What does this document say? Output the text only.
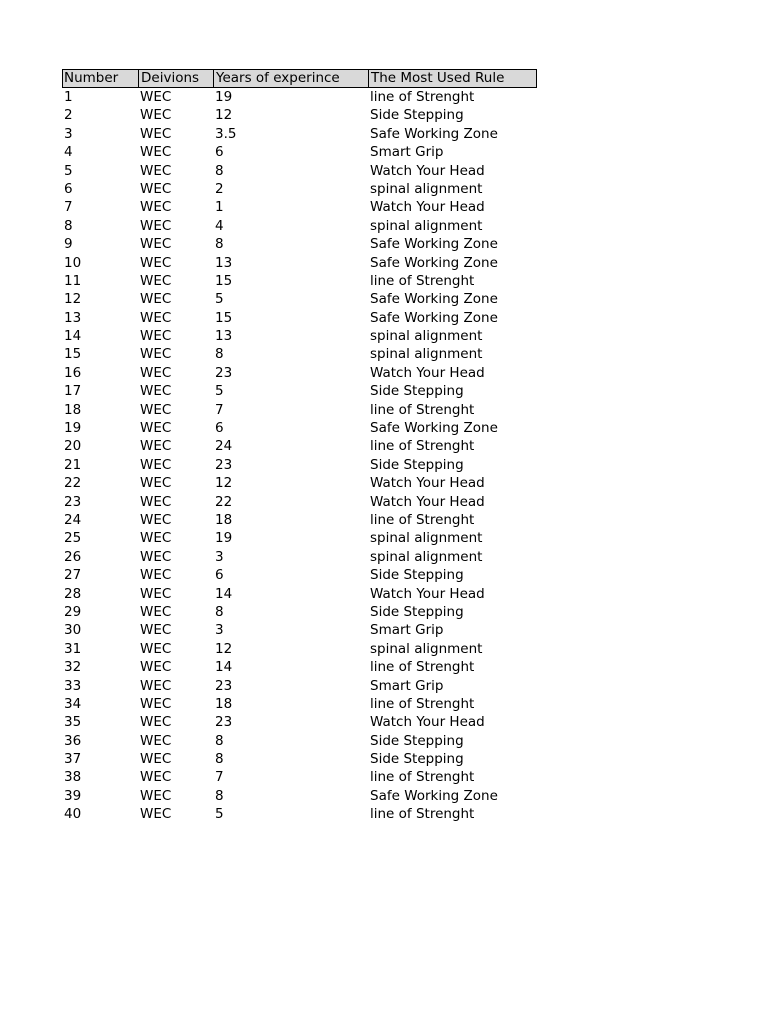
Number	Deivions	Years of experince	The Most Used Rule
1	WEC	19	line of Strenght
2	WEC	12	Side Stepping
3	WEC	3.5	Safe Working Zone
4	WEC	6	Smart Grip
5	WEC	8	Watch Your Head
6	WEC	2	spinal alignment
7	WEC	1	Watch Your Head
8	WEC	4	spinal alignment
9	WEC	8	Safe Working Zone
10	WEC	13	Safe Working Zone
11	WEC	15	line of Strenght
12	WEC	5	Safe Working Zone
13	WEC	15	Safe Working Zone
14	WEC	13	spinal alignment
15	WEC	8	spinal alignment
16	WEC	23	Watch Your Head
17	WEC	5	Side Stepping
18	WEC	7	line of Strenght
19	WEC	6	Safe Working Zone
20	WEC	24	line of Strenght
21	WEC	23	Side Stepping
22	WEC	12	Watch Your Head
23	WEC	22	Watch Your Head
24	WEC	18	line of Strenght
25	WEC	19	spinal alignment
26	WEC	3	spinal alignment
27	WEC	6	Side Stepping
28	WEC	14	Watch Your Head
29	WEC	8	Side Stepping
30	WEC	3	Smart Grip
31	WEC	12	spinal alignment
32	WEC	14	line of Strenght
33	WEC	23	Smart Grip
34	WEC	18	line of Strenght
35	WEC	23	Watch Your Head
36	WEC	8	Side Stepping
37	WEC	8	Side Stepping
38	WEC	7	line of Strenght
39	WEC	8	Safe Working Zone
40	WEC	5	line of Strenght
